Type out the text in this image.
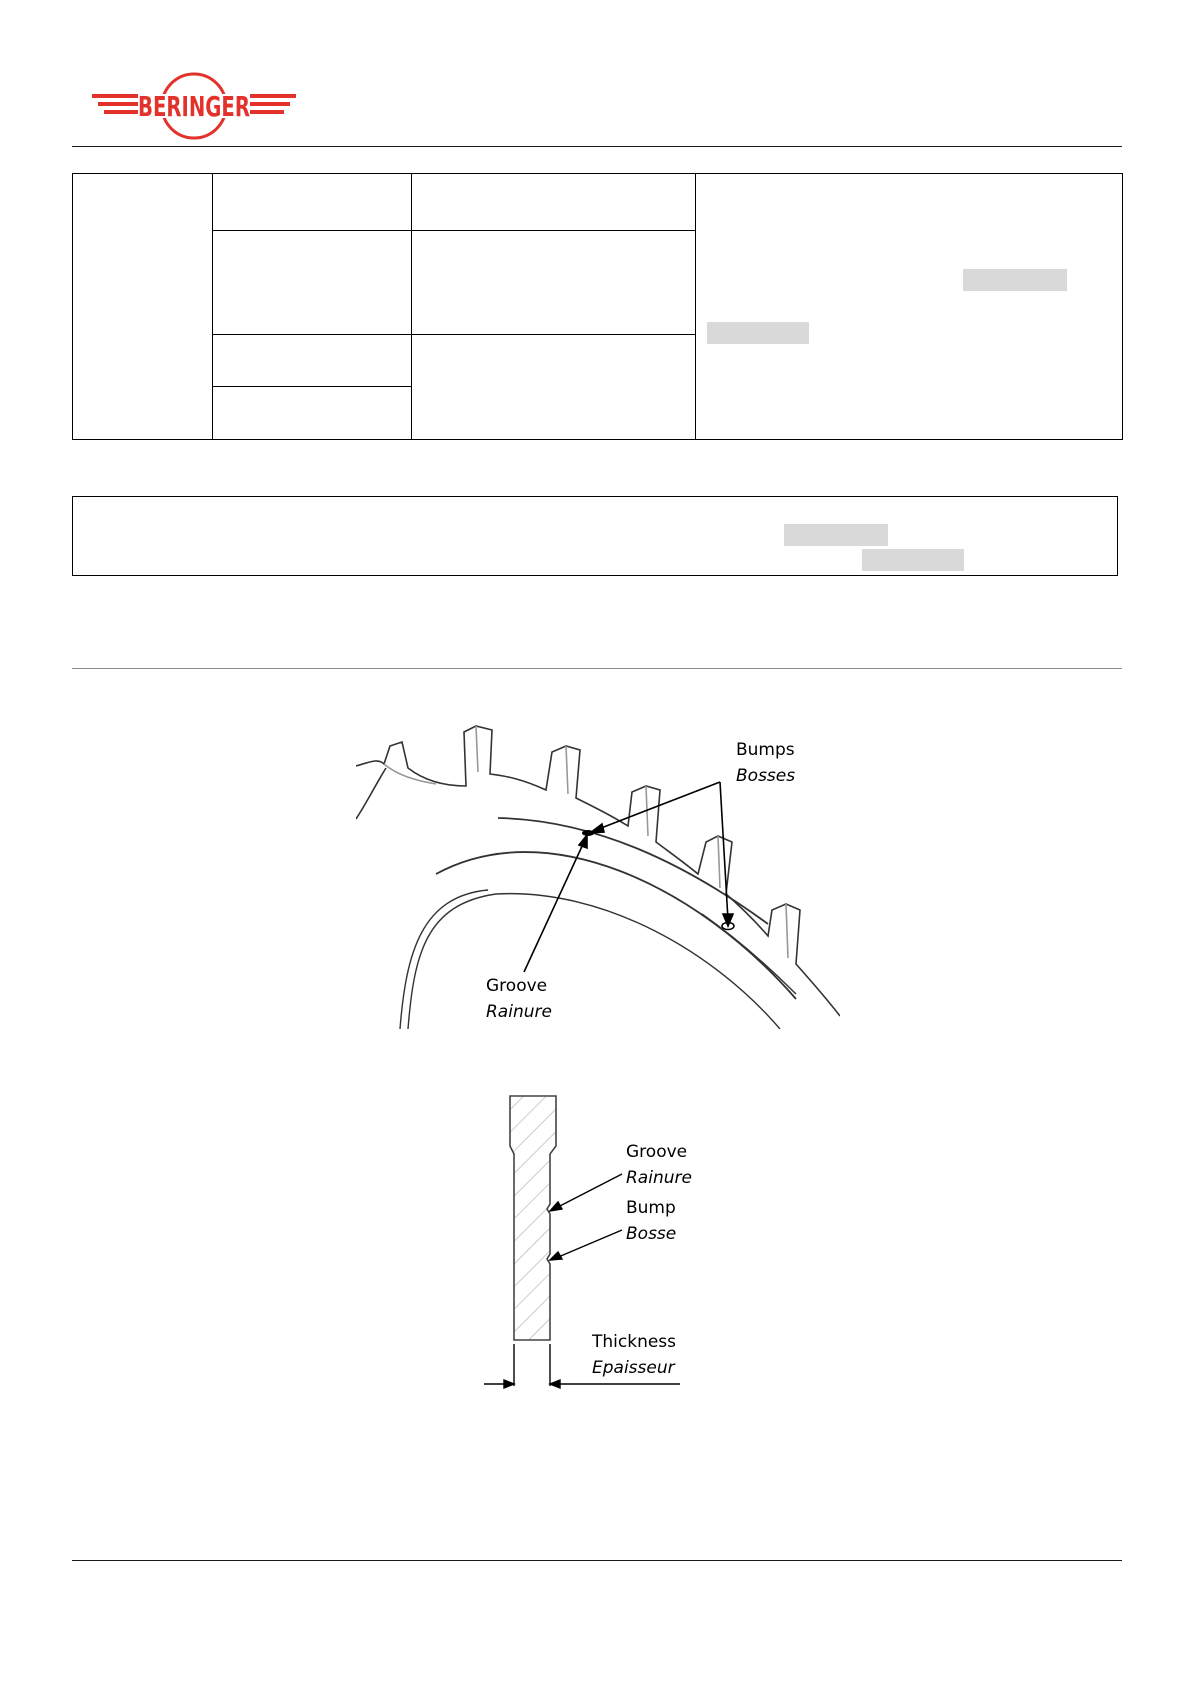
BERINGER

Bumps
Bosses
Groove
Rainure
Groove
Rainure
Bump
Bosse
Thickness
Epaisseur
